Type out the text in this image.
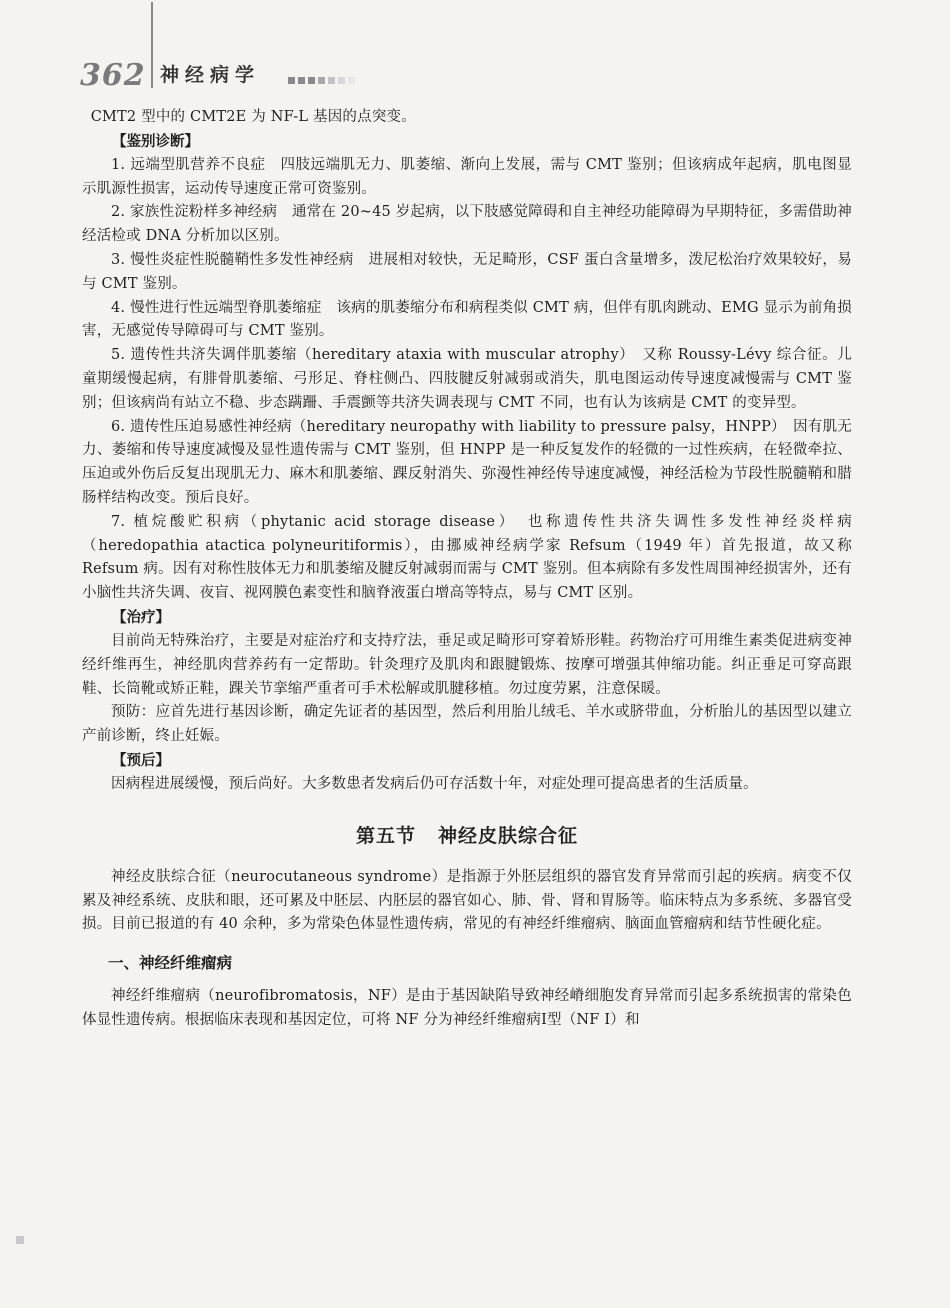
362 神经病学

CMT2 型中的 CMT2E 为 NF-L 基因的点突变。

【鉴别诊断】

1. 远端型肌营养不良症　四肢远端肌无力、肌萎缩、渐向上发展，需与 CMT 鉴别；但该病成年起病，肌电图显示肌源性损害，运动传导速度正常可资鉴别。

2. 家族性淀粉样多神经病　通常在 20~45 岁起病，以下肢感觉障碍和自主神经功能障碍为早期特征，多需借助神经活检或 DNA 分析加以区别。

3. 慢性炎症性脱髓鞘性多发性神经病　进展相对较快，无足畸形，CSF 蛋白含量增多，泼尼松治疗效果较好，易与 CMT 鉴别。

4. 慢性进行性远端型脊肌萎缩症　该病的肌萎缩分布和病程类似 CMT 病，但伴有肌肉跳动、EMG 显示为前角损害，无感觉传导障碍可与 CMT 鉴别。

5. 遗传性共济失调伴肌萎缩（hereditary ataxia with muscular atrophy）　又称 Roussy-Lévy 综合征。儿童期缓慢起病，有腓骨肌萎缩、弓形足、脊柱侧凸、四肢腱反射减弱或消失，肌电图运动传导速度减慢需与 CMT 鉴别；但该病尚有站立不稳、步态蹒跚、手震颤等共济失调表现与 CMT 不同，也有认为该病是 CMT 的变异型。

6. 遗传性压迫易感性神经病（hereditary neuropathy with liability to pressure palsy，HNPP）　因有肌无力、萎缩和传导速度减慢及显性遗传需与 CMT 鉴别，但 HNPP 是一种反复发作的轻微的一过性疾病，在轻微牵拉、压迫或外伤后反复出现肌无力、麻木和肌萎缩、踝反射消失、弥漫性神经传导速度减慢，神经活检为节段性脱髓鞘和腊肠样结构改变。预后良好。

7. 植烷酸贮积病（phytanic acid storage disease）　也称遗传性共济失调性多发性神经炎样病（heredopathia atactica polyneuritiformis），由挪威神经病学家 Refsum（1949 年）首先报道，故又称 Refsum 病。因有对称性肢体无力和肌萎缩及腱反射减弱而需与 CMT 鉴别。但本病除有多发性周围神经损害外，还有小脑性共济失调、夜盲、视网膜色素变性和脑脊液蛋白增高等特点，易与 CMT 区别。

【治疗】

目前尚无特殊治疗，主要是对症治疗和支持疗法，垂足或足畸形可穿着矫形鞋。药物治疗可用维生素类促进病变神经纤维再生，神经肌肉营养药有一定帮助。针灸理疗及肌肉和跟腱锻炼、按摩可增强其伸缩功能。纠正垂足可穿高跟鞋、长筒靴或矫正鞋，踝关节挛缩严重者可手术松解或肌腱移植。勿过度劳累，注意保暖。

预防：应首先进行基因诊断，确定先证者的基因型，然后利用胎儿绒毛、羊水或脐带血，分析胎儿的基因型以建立产前诊断，终止妊娠。

【预后】

因病程进展缓慢，预后尚好。大多数患者发病后仍可存活数十年，对症处理可提高患者的生活质量。

第五节 神经皮肤综合征

神经皮肤综合征（neurocutaneous syndrome）是指源于外胚层组织的器官发育异常而引起的疾病。病变不仅累及神经系统、皮肤和眼，还可累及中胚层、内胚层的器官如心、肺、骨、肾和胃肠等。临床特点为多系统、多器官受损。目前已报道的有 40 余种，多为常染色体显性遗传病，常见的有神经纤维瘤病、脑面血管瘤病和结节性硬化症。

一、神经纤维瘤病

神经纤维瘤病（neurofibromatosis，NF）是由于基因缺陷导致神经嵴细胞发育异常而引起多系统损害的常染色体显性遗传病。根据临床表现和基因定位，可将 NF 分为神经纤维瘤病Ⅰ型（NF Ⅰ）和
